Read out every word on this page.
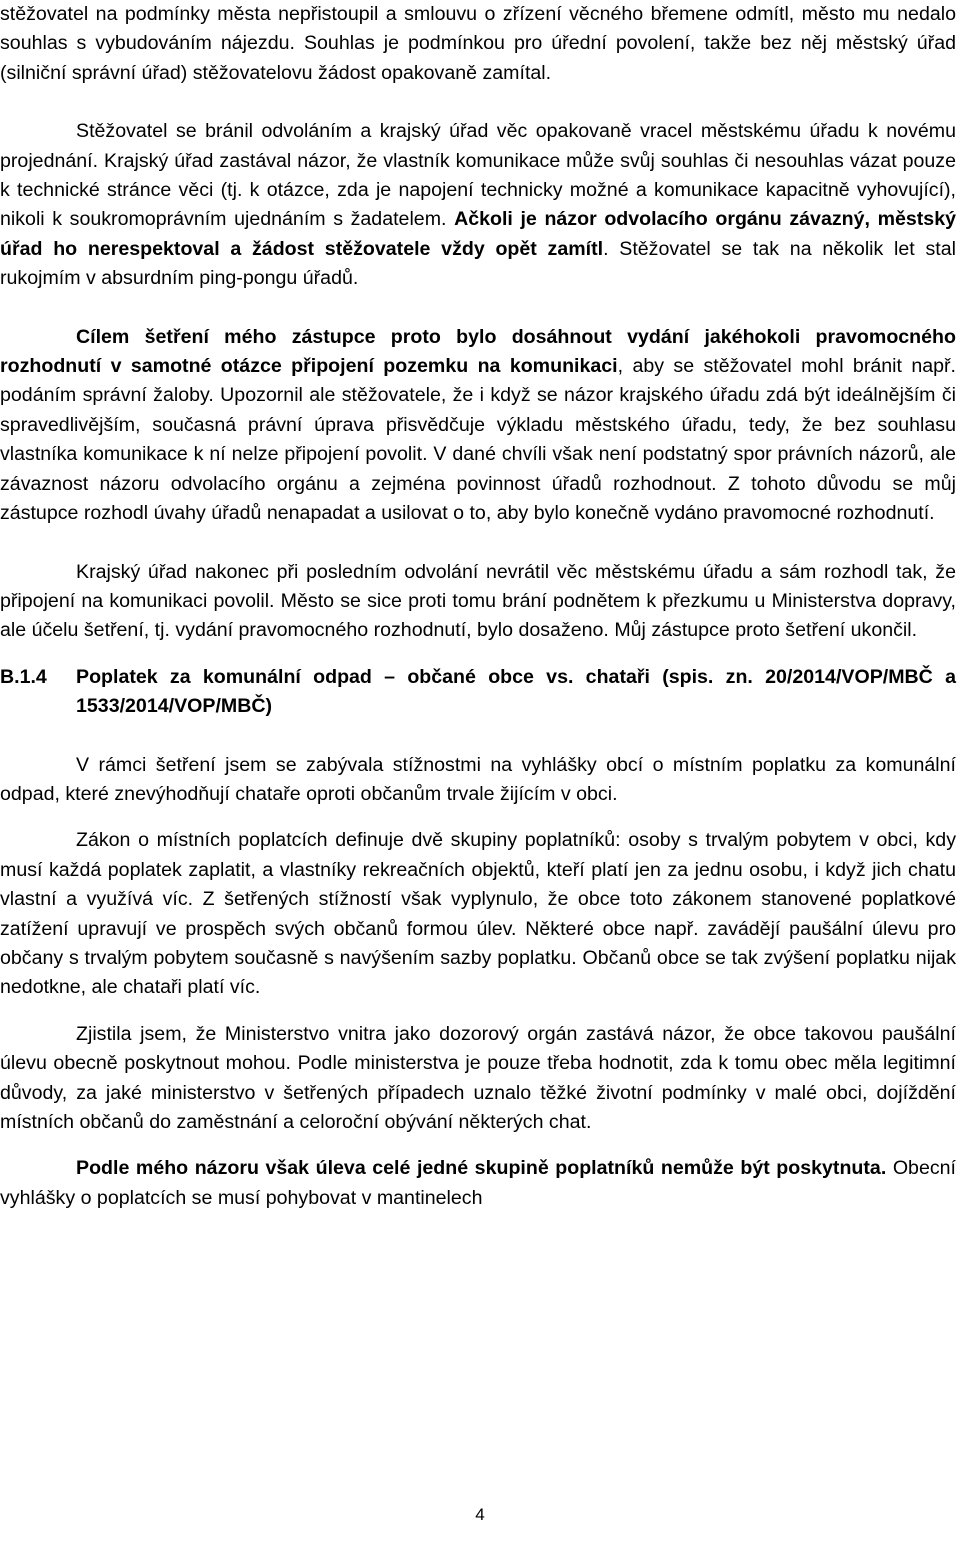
stěžovatel na podmínky města nepřistoupil a smlouvu o zřízení věcného břemene odmítl, město mu nedalo souhlas s vybudováním nájezdu. Souhlas je podmínkou pro úřední povolení, takže bez něj městský úřad (silniční správní úřad) stěžovatelovu žádost opakovaně zamítal.

Stěžovatel se bránil odvoláním a krajský úřad věc opakovaně vracel městskému úřadu k novému projednání. Krajský úřad zastával názor, že vlastník komunikace může svůj souhlas či nesouhlas vázat pouze k technické stránce věci (tj. k otázce, zda je napojení technicky možné a komunikace kapacitně vyhovující), nikoli k soukromoprávním ujednáním s žadatelem. Ačkoli je názor odvolacího orgánu závazný, městský úřad ho nerespektoval a žádost stěžovatele vždy opět zamítl. Stěžovatel se tak na několik let stal rukojmím v absurdním ping-pongu úřadů.

Cílem šetření mého zástupce proto bylo dosáhnout vydání jakéhokoli pravomocného rozhodnutí v samotné otázce připojení pozemku na komunikaci, aby se stěžovatel mohl bránit např. podáním správní žaloby. Upozornil ale stěžovatele, že i když se názor krajského úřadu zdá být ideálnějším či spravedlivějším, současná právní úprava přisvědčuje výkladu městského úřadu, tedy, že bez souhlasu vlastníka komunikace k ní nelze připojení povolit. V dané chvíli však není podstatný spor právních názorů, ale závaznost názoru odvolacího orgánu a zejména povinnost úřadů rozhodnout. Z tohoto důvodu se můj zástupce rozhodl úvahy úřadů nenapadat a usilovat o to, aby bylo konečně vydáno pravomocné rozhodnutí.

Krajský úřad nakonec při posledním odvolání nevrátil věc městskému úřadu a sám rozhodl tak, že připojení na komunikaci povolil. Město se sice proti tomu brání podnětem k přezkumu u Ministerstva dopravy, ale účelu šetření, tj. vydání pravomocného rozhodnutí, bylo dosaženo. Můj zástupce proto šetření ukončil.

B.1.4	Poplatek za komunální odpad – občané obce vs. chataři (spis. zn. 20/2014/VOP/MBČ a 1533/2014/VOP/MBČ)

V rámci šetření jsem se zabývala stížnostmi na vyhlášky obcí o místním poplatku za komunální odpad, které znevýhodňují chataře oproti občanům trvale žijícím v obci.

Zákon o místních poplatcích definuje dvě skupiny poplatníků: osoby s trvalým pobytem v obci, kdy musí každá poplatek zaplatit, a vlastníky rekreačních objektů, kteří platí jen za jednu osobu, i když jich chatu vlastní a využívá víc. Z šetřených stížností však vyplynulo, že obce toto zákonem stanovené poplatkové zatížení upravují ve prospěch svých občanů formou úlev. Některé obce např. zavádějí paušální úlevu pro občany s trvalým pobytem současně s navýšením sazby poplatku. Občanů obce se tak zvýšení poplatku nijak nedotkne, ale chataři platí víc.

Zjistila jsem, že Ministerstvo vnitra jako dozorový orgán zastává názor, že obce takovou paušální úlevu obecně poskytnout mohou. Podle ministerstva je pouze třeba hodnotit, zda k tomu obec měla legitimní důvody, za jaké ministerstvo v šetřených případech uznalo těžké životní podmínky v malé obci, dojíždění místních občanů do zaměstnání a celoroční obývání některých chat.

Podle mého názoru však úleva celé jedné skupině poplatníků nemůže být poskytnuta. Obecní vyhlášky o poplatcích se musí pohybovat v mantinelech

4
